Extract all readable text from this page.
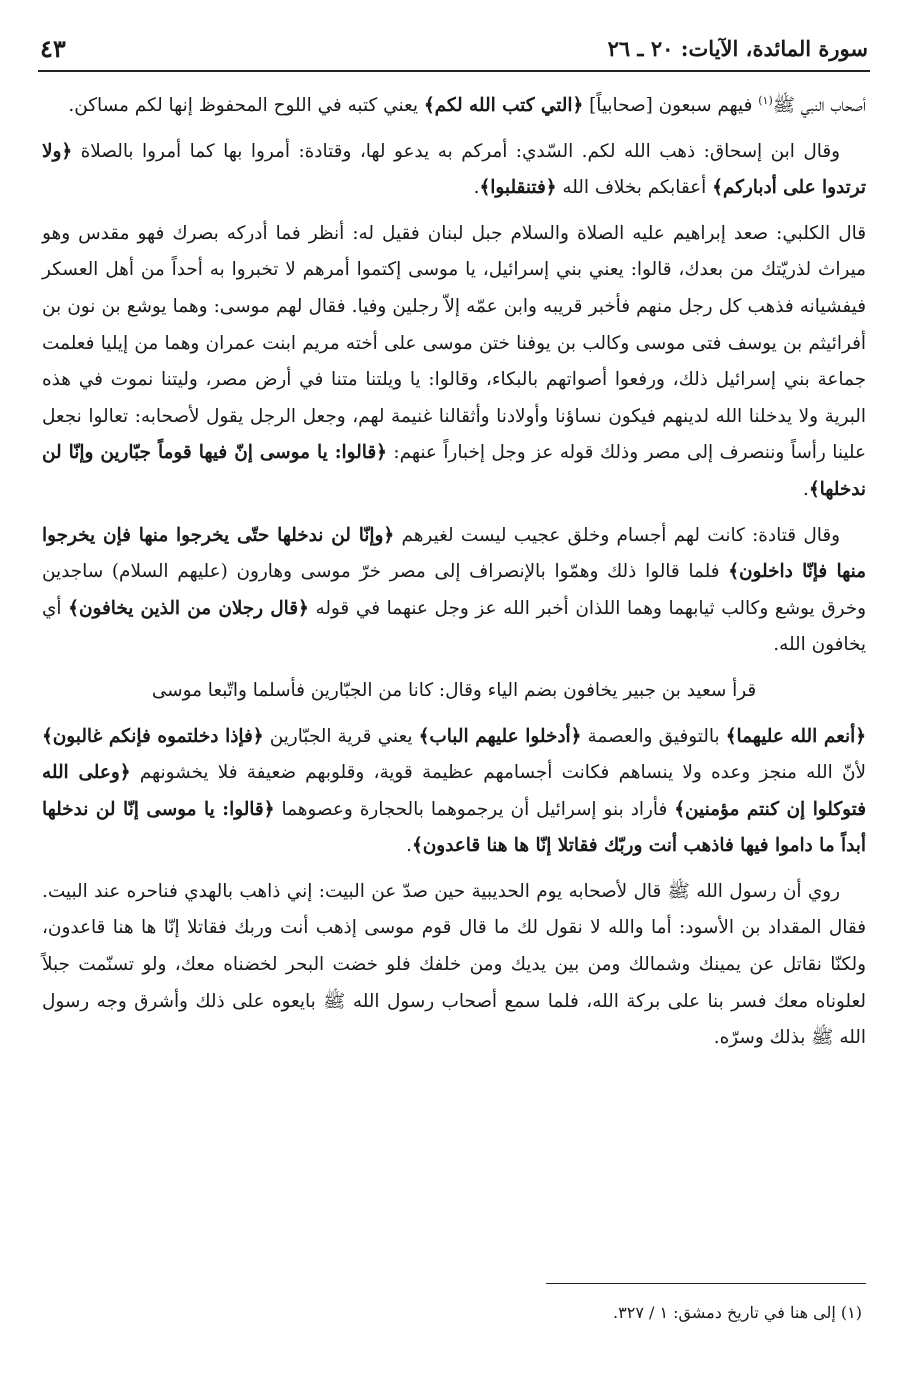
سورة المائدة، الآيات: ٢٠ ـ ٢٦
٤٣

أصحاب النبي ﷺ$^{(١)}$ فيهم سبعون [صحابياً] ﴿التي كتب الله لكم﴾ يعني كتبه في اللوح المحفوظ إنها لكم مساكن.

وقال ابن إسحاق: ذهب الله لكم. السّدي: أمركم به يدعو لها، وقتادة: أمروا بها كما أمروا بالصلاة ﴿ولا ترتدوا على أدباركم﴾ أعقابكم بخلاف الله ﴿فتنقلبوا﴾.

قال الكلبي: صعد إبراهيم عليه الصلاة والسلام جبل لبنان فقيل له: أنظر فما أدركه بصرك فهو مقدس وهو ميراث لذريّتك من بعدك، قالوا: يعني بني إسرائيل، يا موسى إكتموا أمرهم لا تخبروا به أحداً من أهل العسكر فيفشيانه فذهب كل رجل منهم فأخبر قريبه وابن عمّه إلاّ رجلين وفيا. فقال لهم موسى: وهما يوشع بن نون بن أفرائيثم بن يوسف فتى موسى وكالب بن يوفنا ختن موسى على أخته مريم ابنت عمران وهما من إيليا فعلمت جماعة بني إسرائيل ذلك، ورفعوا أصواتهم بالبكاء، وقالوا: يا ويلتنا متنا في أرض مصر، وليتنا نموت في هذه البرية ولا يدخلنا الله لدينهم فيكون نساؤنا وأولادنا وأثقالنا غنيمة لهم، وجعل الرجل يقول لأصحابه: تعالوا نجعل علينا رأساً وننصرف إلى مصر وذلك قوله عز وجل إخباراً عنهم: ﴿قالوا: يا موسى إنّ فيها قوماً جبّارين وإنّا لن ندخلها﴾.

وقال قتادة: كانت لهم أجسام وخلق عجيب ليست لغيرهم ﴿وإنّا لن ندخلها حتّى يخرجوا منها فإن يخرجوا منها فإنّا داخلون﴾ فلما قالوا ذلك وهمّوا بالإنصراف إلى مصر خرّ موسى وهارون (عليهم السلام) ساجدين وخرق يوشع وكالب ثيابهما وهما اللذان أخبر الله عز وجل عنهما في قوله ﴿قال رجلان من الذين يخافون﴾ أي يخافون الله.

قرأ سعيد بن جبير يخافون بضم الياء وقال: كانا من الجبّارين فأسلما واتّبعا موسى

﴿أنعم الله عليهما﴾ بالتوفيق والعصمة ﴿أدخلوا عليهم الباب﴾ يعني قرية الجبّارين ﴿فإذا دخلتموه فإنكم غالبون﴾ لأنّ الله منجز وعده ولا ينساهم فكانت أجسامهم عظيمة قوية، وقلوبهم ضعيفة فلا يخشونهم ﴿وعلى الله فتوكلوا إن كنتم مؤمنين﴾ فأراد بنو إسرائيل أن يرجموهما بالحجارة وعصوهما ﴿قالوا: يا موسى إنّا لن ندخلها أبداً ما داموا فيها فاذهب أنت وربّك فقاتلا إنّا ها هنا قاعدون﴾.

روي أن رسول الله ﷺ قال لأصحابه يوم الحديبية حين صدّ عن البيت: إني ذاهب بالهدي فناحره عند البيت. فقال المقداد بن الأسود: أما والله لا نقول لك ما قال قوم موسى إذهب أنت وربك فقاتلا إنّا ها هنا قاعدون، ولكنّا نقاتل عن يمينك وشمالك ومن بين يديك ومن خلفك فلو خضت البحر لخضناه معك، ولو تسنّمت جبلاً لعلوناه معك فسر بنا على بركة الله، فلما سمع أصحاب رسول الله ﷺ بايعوه على ذلك وأشرق وجه رسول الله ﷺ بذلك وسرّه.

(١) إلى هنا في تاريخ دمشق: ١ / ٣٢٧.
